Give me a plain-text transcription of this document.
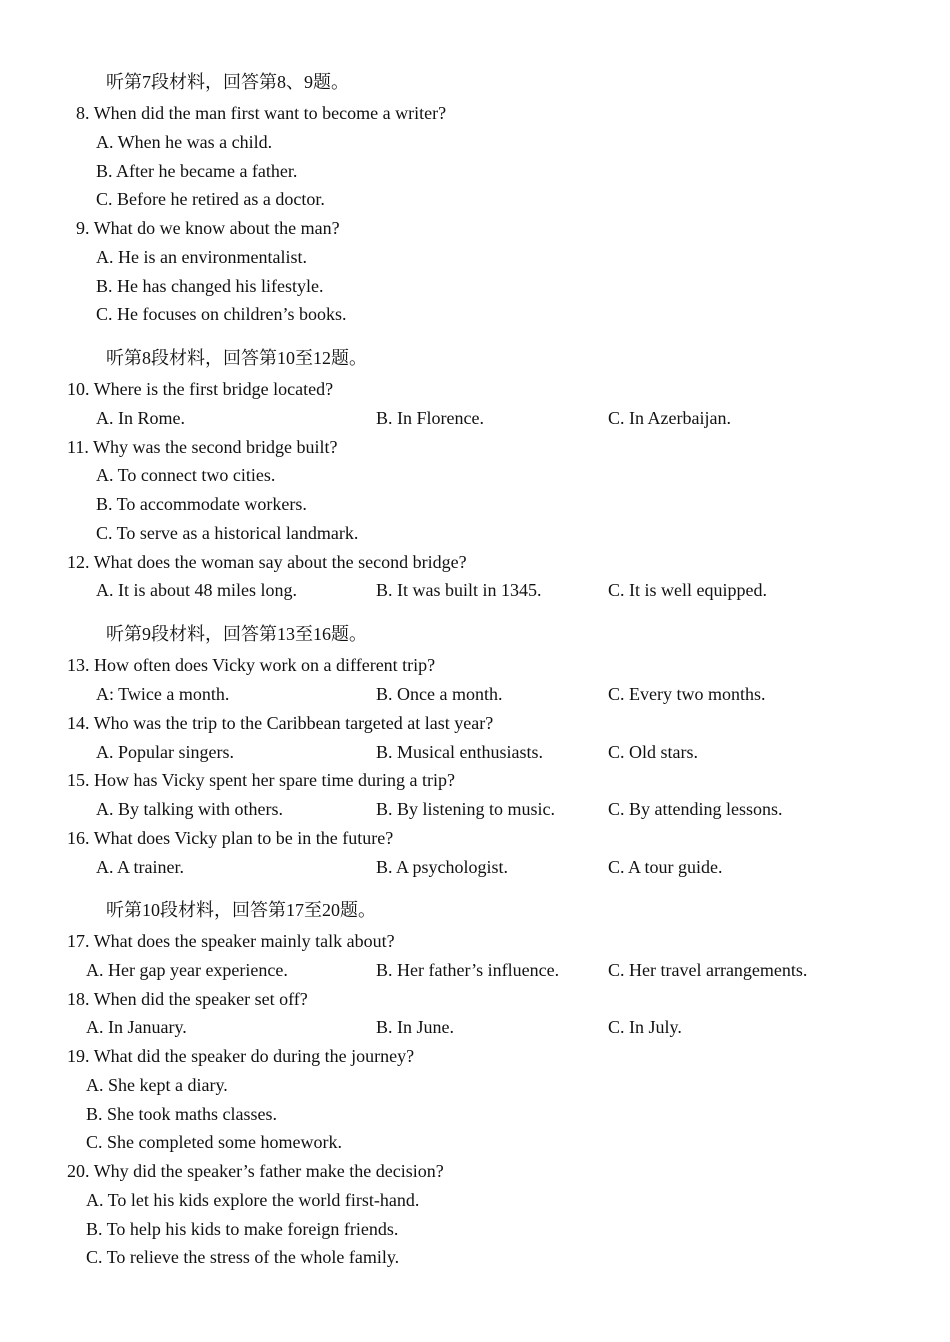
听第7段材料，回答第8、9题。
8. When did the man first want to become a writer?
A. When he was a child.
B. After he became a father.
C. Before he retired as a doctor.
9. What do we know about the man?
A. He is an environmentalist.
B. He has changed his lifestyle.
C. He focuses on children’s books.
听第8段材料，回答第10至12题。
10. Where is the first bridge located?
A. In Rome.	B. In Florence.	C. In Azerbaijan.
11. Why was the second bridge built?
A. To connect two cities.
B. To accommodate workers.
C. To serve as a historical landmark.
12. What does the woman say about the second bridge?
A. It is about 48 miles long.	B. It was built in 1345.	C. It is well equipped.
听第9段材料，回答第13至16题。
13. How often does Vicky work on a different trip?
A: Twice a month.	B. Once a month.	C. Every two months.
14. Who was the trip to the Caribbean targeted at last year?
A. Popular singers.	B. Musical enthusiasts.	C. Old stars.
15. How has Vicky spent her spare time during a trip?
A. By talking with others.	B. By listening to music.	C. By attending lessons.
16. What does Vicky plan to be in the future?
A. A trainer.	B. A psychologist.	C. A tour guide.
听第10段材料，回答第17至20题。
17. What does the speaker mainly talk about?
A. Her gap year experience.	B. Her father’s influence.	C. Her travel arrangements.
18. When did the speaker set off?
A. In January.	B. In June.	C. In July.
19. What did the speaker do during the journey?
A. She kept a diary.
B. She took maths classes.
C. She completed some homework.
20. Why did the speaker’s father make the decision?
A. To let his kids explore the world first-hand.
B. To help his kids to make foreign friends.
C. To relieve the stress of the whole family.
